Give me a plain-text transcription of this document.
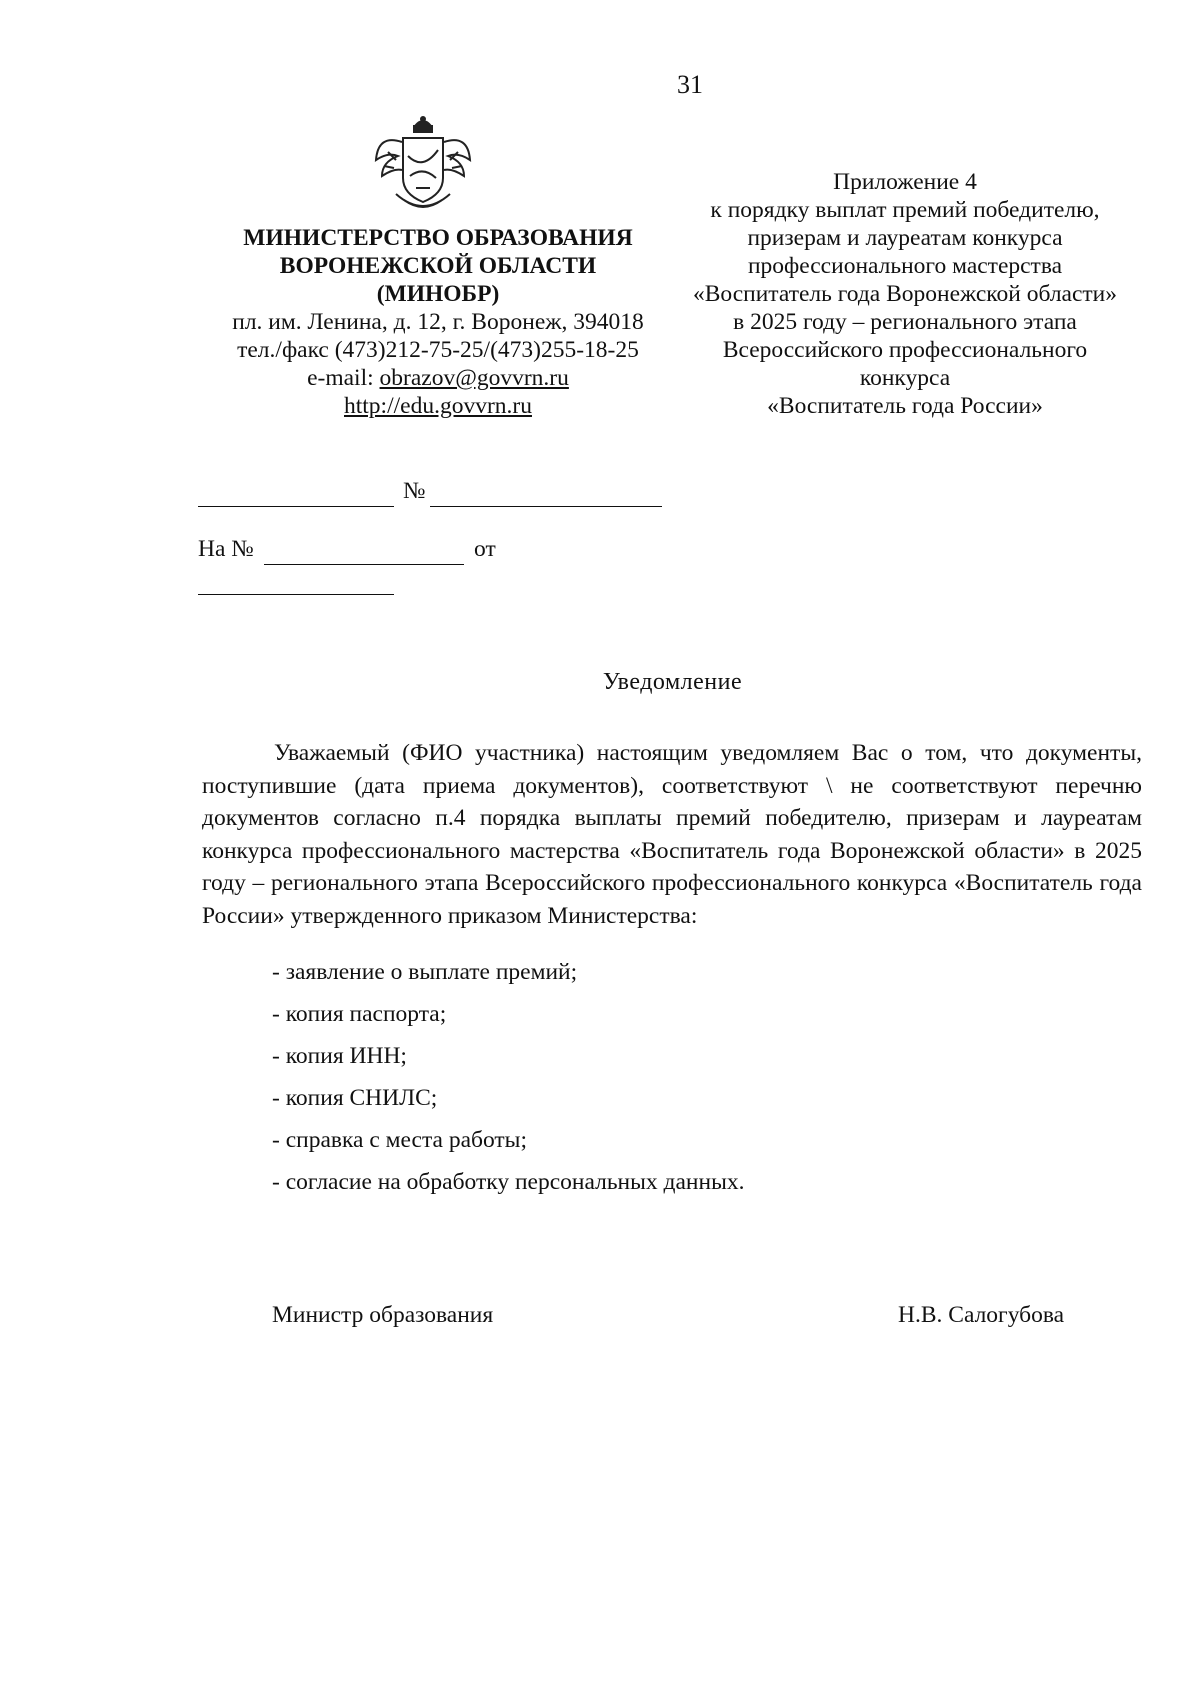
31
МИНИСТЕРСТВО ОБРАЗОВАНИЯ
ВОРОНЕЖСКОЙ ОБЛАСТИ
(МИНОБР)
пл. им. Ленина, д. 12, г. Воронеж, 394018
тел./факс (473)212-75-25/(473)255-18-25
e-mail: obrazov@govvrn.ru
http://edu.govvrn.ru
Приложение 4
к порядку выплат премий победителю,
призерам и лауреатам конкурса
профессионального мастерства
«Воспитатель года Воронежской области»
в 2025 году – регионального этапа
Всероссийского профессионального
конкурса
«Воспитатель года России»
№
На №	от
Уведомление

Уважаемый (ФИО участника) настоящим уведомляем Вас о том, что документы, поступившие (дата приема документов), соответствуют \ не соответствуют перечню документов согласно п.4 порядка выплаты премий победителю, призерам и лауреатам конкурса профессионального мастерства «Воспитатель года Воронежской области» в 2025 году – регионального этапа Всероссийского профессионального конкурса «Воспитатель года России» утвержденного приказом Министерства:

- заявление о выплате премий;
- копия паспорта;
- копия ИНН;
- копия СНИЛС;
- справка с места работы;
- согласие на обработку персональных данных.
Министр образования	Н.В. Салогубова
